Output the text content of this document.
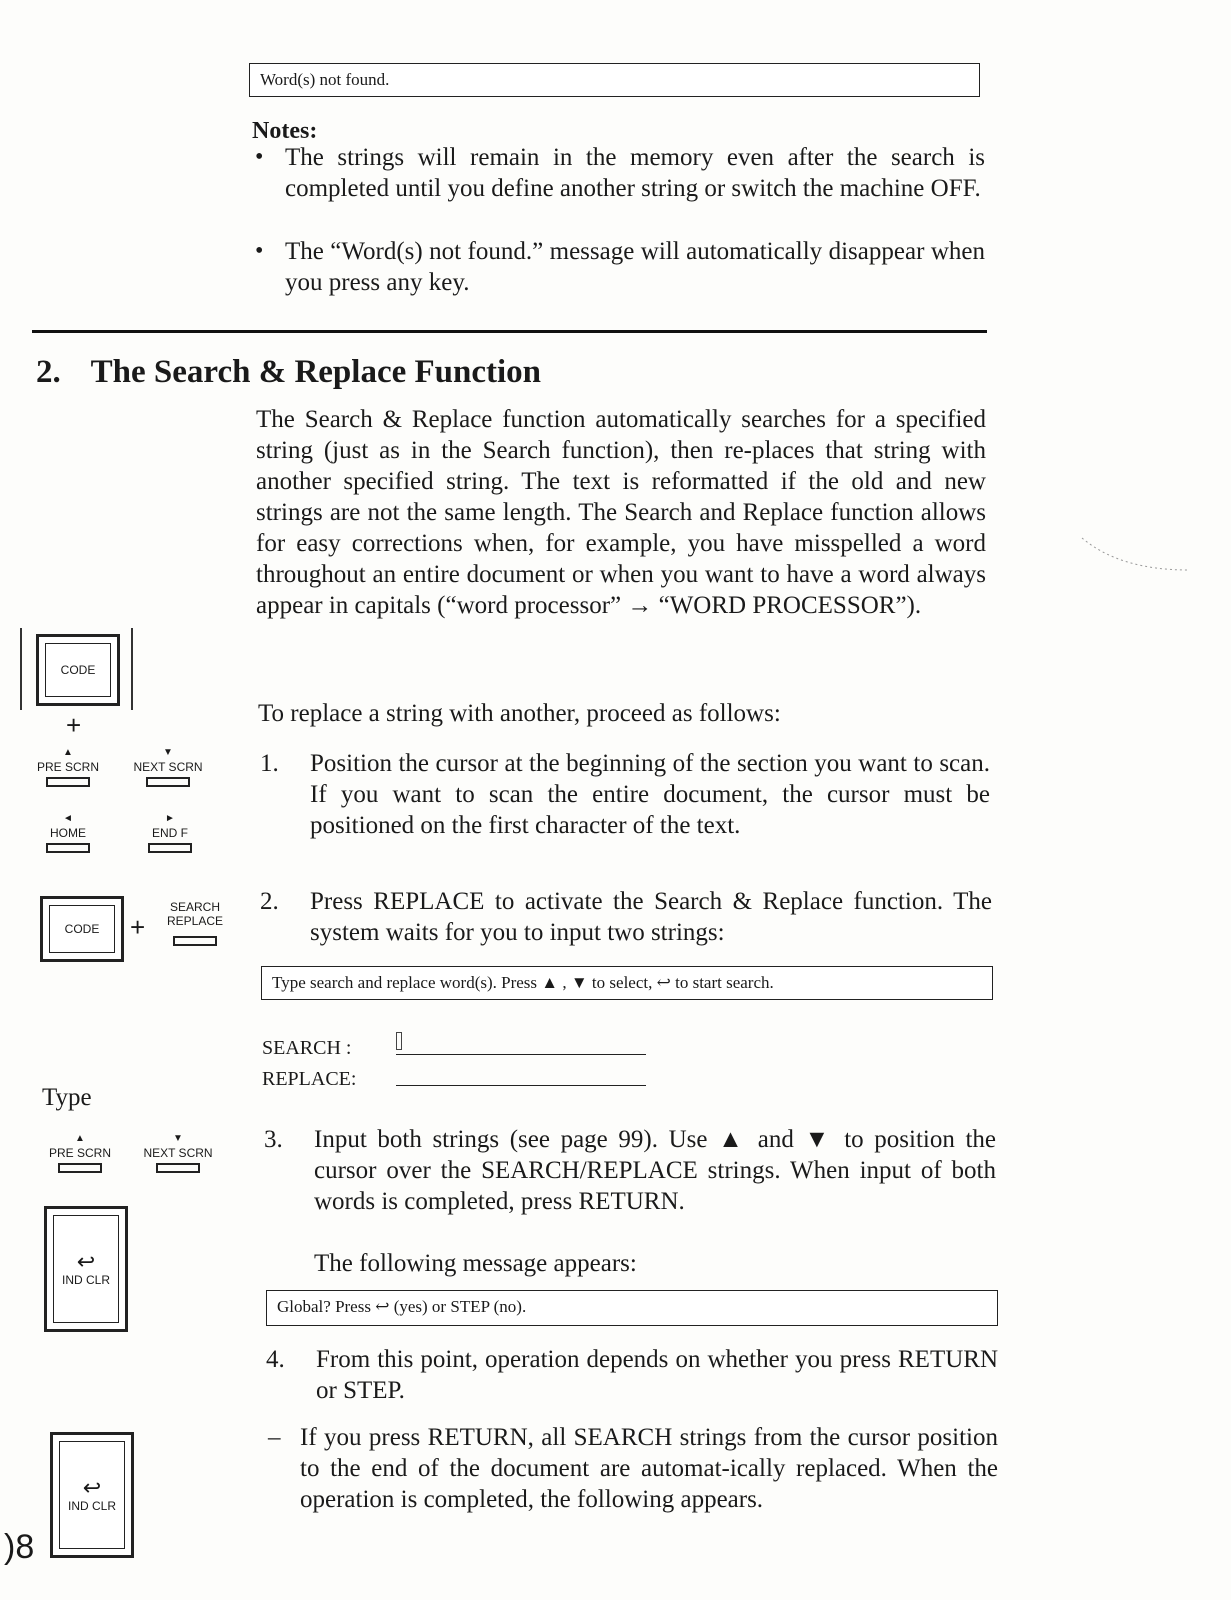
Word(s) not found.
Notes:
• The strings will remain in the memory even after the search is completed until you define another string or switch the machine OFF.
• The “Word(s) not found.” message will automatically disappear when you press any key.
2. The Search & Replace Function
The Search & Replace function automatically searches for a specified string (just as in the Search function), then re-places that string with another specified string. The text is reformatted if the old and new strings are not the same length. The Search and Replace function allows for easy corrections when, for example, you have misspelled a word throughout an entire document or when you want to have a word always appear in capitals (“word processor” → “WORD PROCESSOR”).
To replace a string with another, proceed as follows:
1. Position the cursor at the beginning of the section you want to scan. If you want to scan the entire document, the cursor must be positioned on the first character of the text.
2. Press REPLACE to activate the Search & Replace function. The system waits for you to input two strings:
Type search and replace word(s). Press ▲ , ▼ to select, ↩ to start search.
SEARCH :
REPLACE:
3. Input both strings (see page 99). Use ▲ and ▼ to position the cursor over the SEARCH/REPLACE strings. When input of both words is completed, press RETURN.
The following message appears:
Global? Press ↩ (yes) or STEP (no).
4. From this point, operation depends on whether you press RETURN or STEP.
– If you press RETURN, all SEARCH strings from the cursor position to the end of the document are automat-ically replaced. When the operation is completed, the following appears.
CODE
+
▲
PRE SCRN
▼
NEXT SCRN
◄
HOME
►
END F
CODE +
SEARCH
REPLACE
Type
▲
PRE SCRN
▼
NEXT SCRN
↩
IND CLR
↩
IND CLR
)8
